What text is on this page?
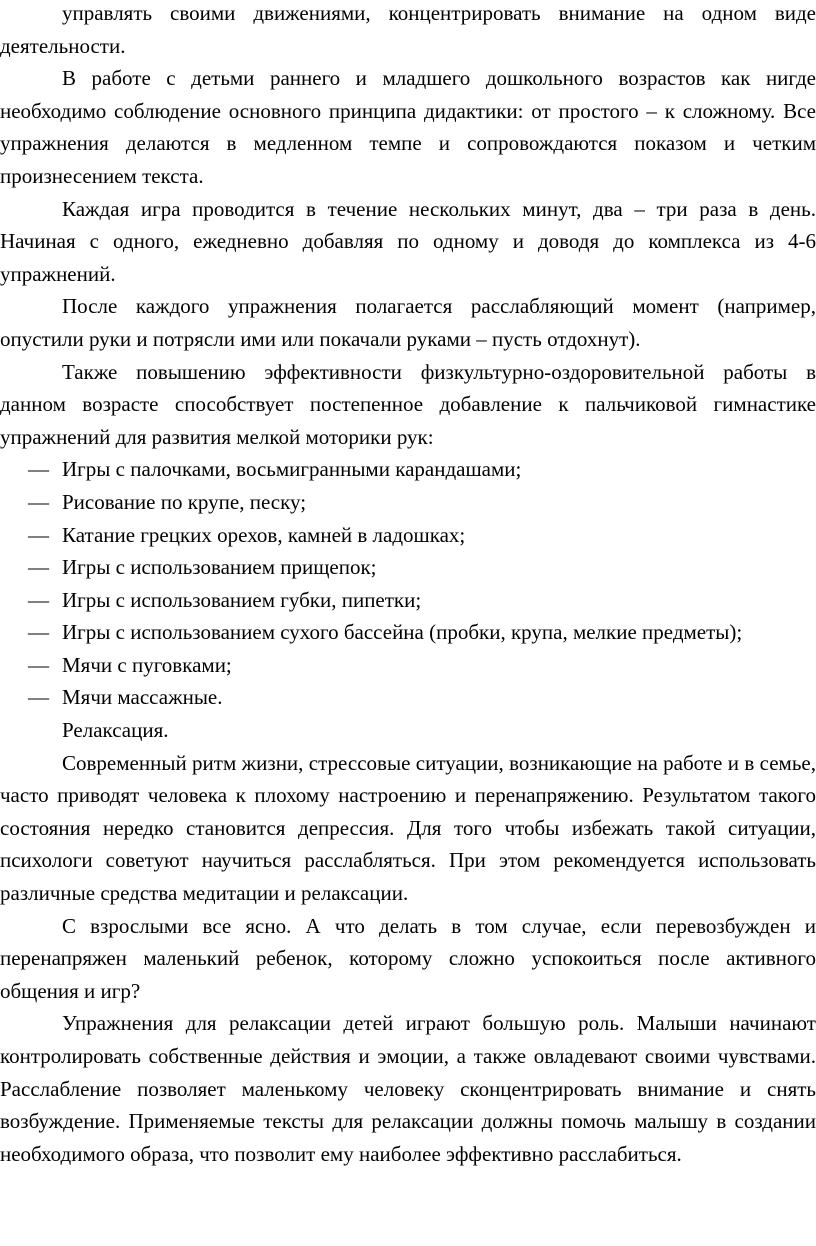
управлять своими движениями, концентрировать внимание на одном виде деятельности.

В работе с детьми раннего и младшего дошкольного возрастов как нигде необходимо соблюдение основного принципа дидактики: от простого – к сложному. Все упражнения делаются в медленном темпе и сопровождаются показом и четким произнесением текста.

Каждая игра проводится в течение нескольких минут, два – три раза в день. Начиная с одного, ежедневно добавляя по одному и доводя до комплекса из 4-6 упражнений.

После каждого упражнения полагается расслабляющий момент (например, опустили руки и потрясли ими или покачали руками – пусть отдохнут).

Также повышению эффективности физкультурно-оздоровительной работы в данном возрасте способствует постепенное добавление к пальчиковой гимнастике упражнений для развития мелкой моторики рук:

— Игры с палочками, восьмигранными карандашами;
— Рисование по крупе, песку;
— Катание грецких орехов, камней в ладошках;
— Игры с использованием прищепок;
— Игры с использованием губки, пипетки;
— Игры с использованием сухого бассейна (пробки, крупа, мелкие предметы);
— Мячи с пуговками;
— Мячи массажные.

Релаксация.

Современный ритм жизни, стрессовые ситуации, возникающие на работе и в семье, часто приводят человека к плохому настроению и перенапряжению. Результатом такого состояния нередко становится депрессия. Для того чтобы избежать такой ситуации, психологи советуют научиться расслабляться. При этом рекомендуется использовать различные средства медитации и релаксации.

С взрослыми все ясно. А что делать в том случае, если перевозбужден и перенапряжен маленький ребенок, которому сложно успокоиться после активного общения и игр?

Упражнения для релаксации детей играют большую роль. Малыши начинают контролировать собственные действия и эмоции, а также овладевают своими чувствами. Расслабление позволяет маленькому человеку сконцентрировать внимание и снять возбуждение. Применяемые тексты для релаксации должны помочь малышу в создании необходимого образа, что позволит ему наиболее эффективно расслабиться.
